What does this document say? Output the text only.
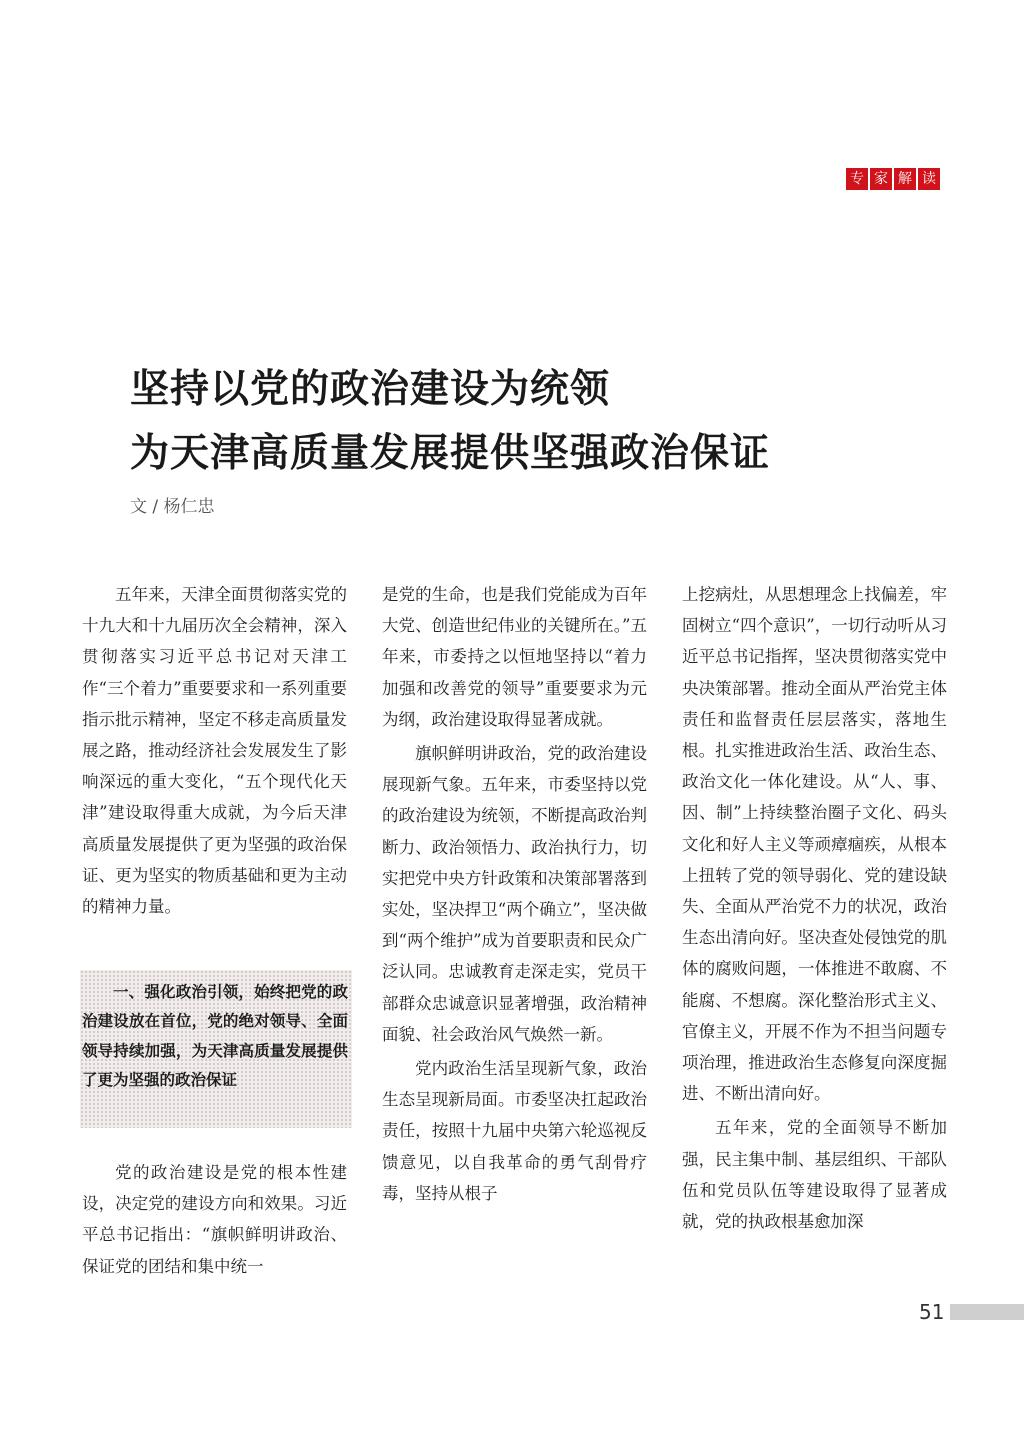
专 家 解 读
坚持以党的政治建设为统领
为天津高质量发展提供坚强政治保证
文 / 杨仁忠

五年来，天津全面贯彻落实党的十九大和十九届历次全会精神，深入贯彻落实习近平总书记对天津工作“三个着力”重要要求和一系列重要指示批示精神，坚定不移走高质量发展之路，推动经济社会发展发生了影响深远的重大变化，“五个现代化天津”建设取得重大成就，为今后天津高质量发展提供了更为坚强的政治保证、更为坚实的物质基础和更为主动的精神力量。

一、强化政治引领，始终把党的政治建设放在首位，党的绝对领导、全面领导持续加强，为天津高质量发展提供了更为坚强的政治保证

党的政治建设是党的根本性建设，决定党的建设方向和效果。习近平总书记指出：“旗帜鲜明讲政治、保证党的团结和集中统一

是党的生命，也是我们党能成为百年大党、创造世纪伟业的关键所在。”五年来，市委持之以恒地坚持以“着力加强和改善党的领导”重要要求为元为纲，政治建设取得显著成就。

旗帜鲜明讲政治，党的政治建设展现新气象。五年来，市委坚持以党的政治建设为统领，不断提高政治判断力、政治领悟力、政治执行力，切实把党中央方针政策和决策部署落到实处，坚决捍卫“两个确立”，坚决做到“两个维护”成为首要职责和民众广泛认同。忠诚教育走深走实，党员干部群众忠诚意识显著增强，政治精神面貌、社会政治风气焕然一新。

党内政治生活呈现新气象，政治生态呈现新局面。市委坚决扛起政治责任，按照十九届中央第六轮巡视反馈意见，以自我革命的勇气刮骨疗毒，坚持从根子

上挖病灶，从思想理念上找偏差，牢固树立“四个意识”，一切行动听从习近平总书记指挥，坚决贯彻落实党中央决策部署。推动全面从严治党主体责任和监督责任层层落实，落地生根。扎实推进政治生活、政治生态、政治文化一体化建设。从“人、事、因、制”上持续整治圈子文化、码头文化和好人主义等顽瘴痼疾，从根本上扭转了党的领导弱化、党的建设缺失、全面从严治党不力的状况，政治生态出清向好。坚决查处侵蚀党的肌体的腐败问题，一体推进不敢腐、不能腐、不想腐。深化整治形式主义、官僚主义，开展不作为不担当问题专项治理，推进政治生态修复向深度掘进、不断出清向好。

五年来，党的全面领导不断加强，民主集中制、基层组织、干部队伍和党员队伍等建设取得了显著成就，党的执政根基愈加深

51
